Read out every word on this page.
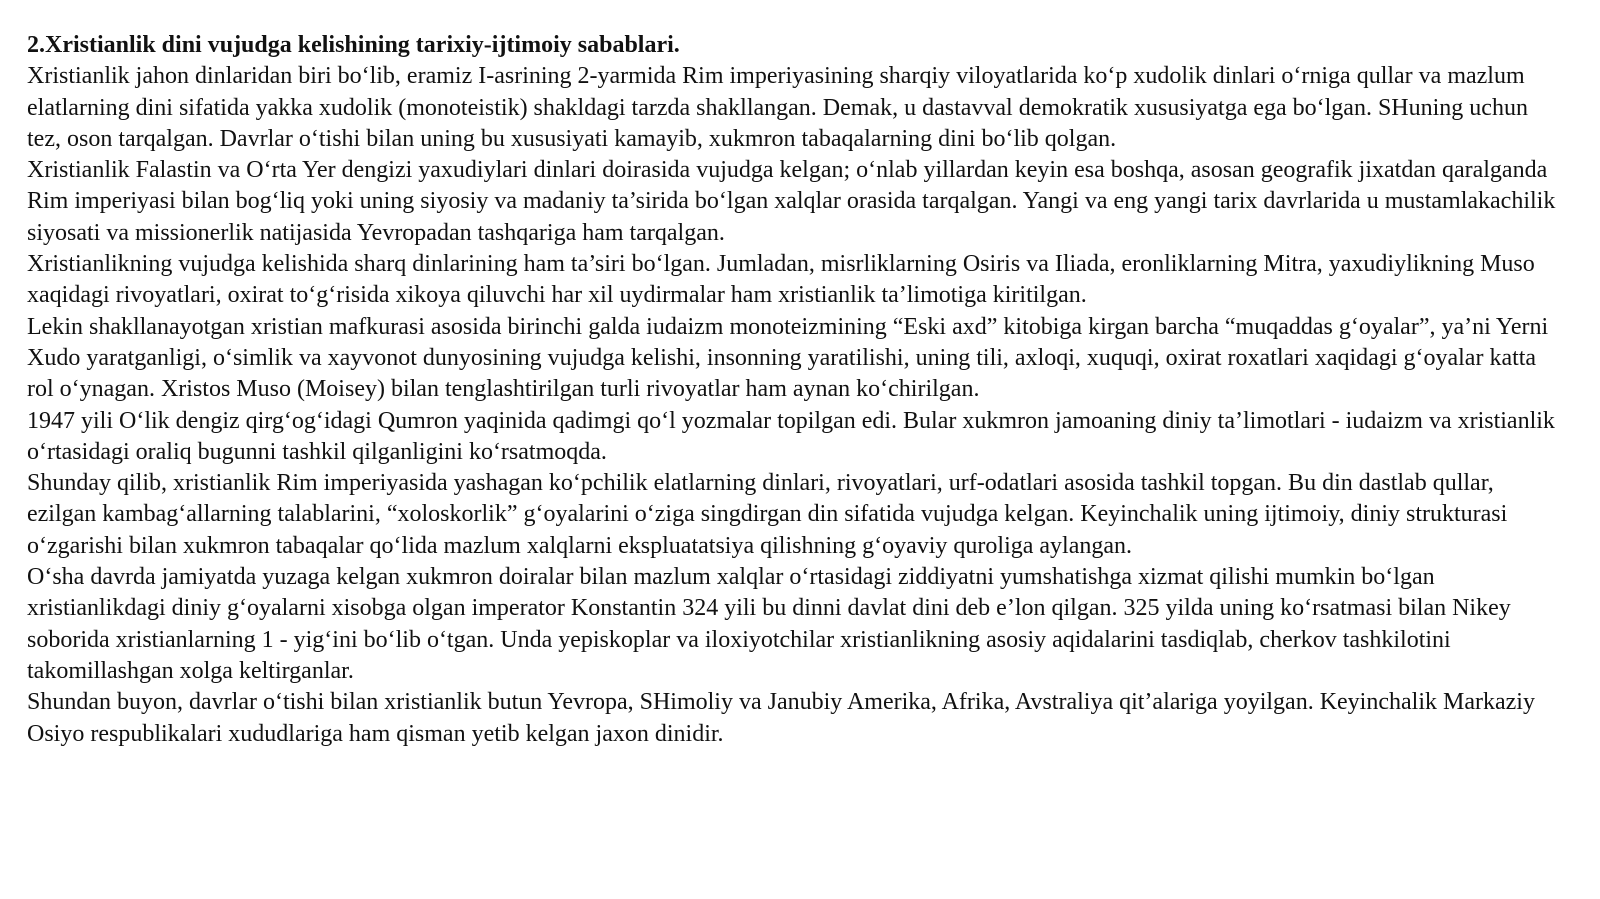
2.Xristianlik dini vujudga kelishining tarixiy-ijtimoiy sabablari.

Xristianlik jahon dinlaridan biri bo‘lib, eramiz I-asrining 2-yarmida Rim imperiyasining sharqiy viloyatlarida ko‘p xudolik dinlari o‘rniga qullar va mazlum elatlarning dini sifatida yakka xudolik (monoteistik) shakldagi tarzda shakllangan. Demak, u dastavval demokratik xususiyatga ega bo‘lgan. SHuning uchun tez, oson tarqalgan. Davrlar o‘tishi bilan uning bu xususiyati kamayib, xukmron tabaqalarning dini bo‘lib qolgan.

Xristianlik Falastin va O‘rta Yer dengizi yaxudiylari dinlari doirasida vujudga kelgan; o‘nlab yillardan keyin esa boshqa, asosan geografik jixatdan qaralganda Rim imperiyasi bilan bog‘liq yoki uning siyosiy va madaniy ta’sirida bo‘lgan xalqlar orasida tarqalgan. Yangi va eng yangi tarix davrlarida u mustamlakachilik siyosati va missionerlik natijasida Yevropadan tashqariga ham tarqalgan.

Xristianlikning vujudga kelishida sharq dinlarining ham ta’siri bo‘lgan. Jumladan, misrliklarning Osiris va Iliada, eronliklarning Mitra, yaxudiylikning Muso xaqidagi rivoyatlari, oxirat to‘g‘risida xikoya qiluvchi har xil uydirmalar ham xristianlik ta’limotiga kiritilgan.

Lekin shakllanayotgan xristian mafkurasi asosida birinchi galda iudaizm monoteizmining “Eski axd” kitobiga kirgan barcha “muqaddas g‘oyalar”, ya’ni Yerni Xudo yaratganligi, o‘simlik va xayvonot dunyosining vujudga kelishi, insonning yaratilishi, uning tili, axloqi, xuquqi, oxirat roxatlari xaqidagi g‘oyalar katta rol o‘ynagan. Xristos Muso (Moisey) bilan tenglashtirilgan turli rivoyatlar ham aynan ko‘chirilgan.

1947 yili O‘lik dengiz qirg‘og‘idagi Qumron yaqinida qadimgi qo‘l yozmalar topilgan edi. Bular xukmron jamoaning diniy ta’limotlari - iudaizm va xristianlik o‘rtasidagi oraliq bugunni tashkil qilganligini ko‘rsatmoqda.

Shunday qilib, xristianlik Rim imperiyasida yashagan ko‘pchilik elatlarning dinlari, rivoyatlari, urf-odatlari asosida tashkil topgan. Bu din dastlab qullar, ezilgan kambag‘allarning talablarini, “xoloskorlik” g‘oyalarini o‘ziga singdirgan din sifatida vujudga kelgan. Keyinchalik uning ijtimoiy, diniy strukturasi o‘zgarishi bilan xukmron tabaqalar qo‘lida mazlum xalqlarni ekspluatatsiya qilishning g‘oyaviy quroliga aylangan.

O‘sha davrda jamiyatda yuzaga kelgan xukmron doiralar bilan mazlum xalqlar o‘rtasidagi ziddiyatni yumshatishga xizmat qilishi mumkin bo‘lgan xristianlikdagi diniy g‘oyalarni xisobga olgan imperator Konstantin 324 yili bu dinni davlat dini deb e’lon qilgan. 325 yilda uning ko‘rsatmasi bilan Nikey soborida xristianlarning 1 - yig‘ini bo‘lib o‘tgan. Unda yepiskoplar va iloxiyotchilar xristianlikning asosiy aqidalarini tasdiqlab, cherkov tashkilotini takomillashgan xolga keltirganlar.

Shundan buyon, davrlar o‘tishi bilan xristianlik butun Yevropa, SHimoliy va Janubiy Amerika, Afrika, Avstraliya qit’alariga yoyilgan. Keyinchalik Markaziy Osiyo respublikalari xududlariga ham qisman yetib kelgan jaxon dinidir.
